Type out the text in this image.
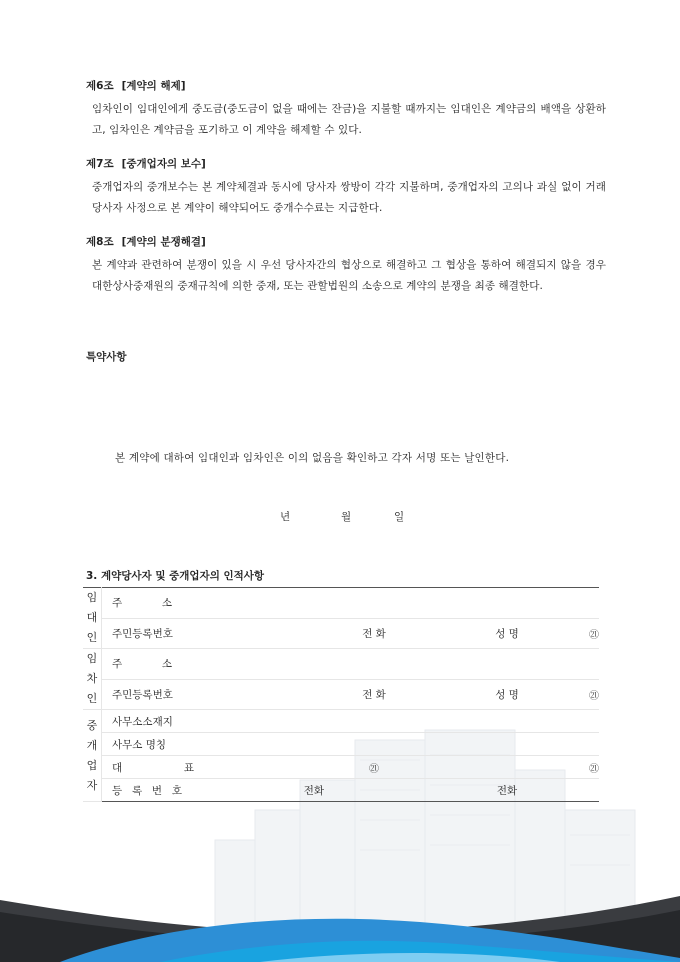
제6조 [계약의 해제]

임차인이 임대인에게 중도금(중도금이 없을 때에는 잔금)을 지불할 때까지는 임대인은 계약금의 배액을 상환하고, 임차인은 계약금을 포기하고 이 계약을 해제할 수 있다.

제7조 [중개업자의 보수]

중개업자의 중개보수는 본 계약체결과 동시에 당사자 쌍방이 각각 지불하며, 중개업자의 고의나 과실 없이 거래당사자 사정으로 본 계약이 해약되어도 중개수수료는 지급한다.

제8조 [계약의 분쟁해결]

본 계약과 관련하여 분쟁이 있을 시 우선 당사자간의 협상으로 해결하고 그 협상을 통하여 해결되지 않을 경우 대한상사중재원의 중재규칙에 의한 중재, 또는 관할법원의 소송으로 계약의 분쟁을 최종 해결한다.

특약사항
본 계약에 대하여 임대인과 임차인은 이의 없음을 확인하고 각자 서명 또는 날인한다.
년	월	일
3. 계약당사자 및 중개업자의 인적사항
임
대
인	주 소					

	주민등록번호		전 화		성 명	㉑
임
차
인	주 소					

	주민등록번호		전 화		성 명	㉑
중
개
업
자	사무소소재지					
	사무소 명칭					

	대 표		㉑			㉑

	등 록 번 호	전화			전화	
